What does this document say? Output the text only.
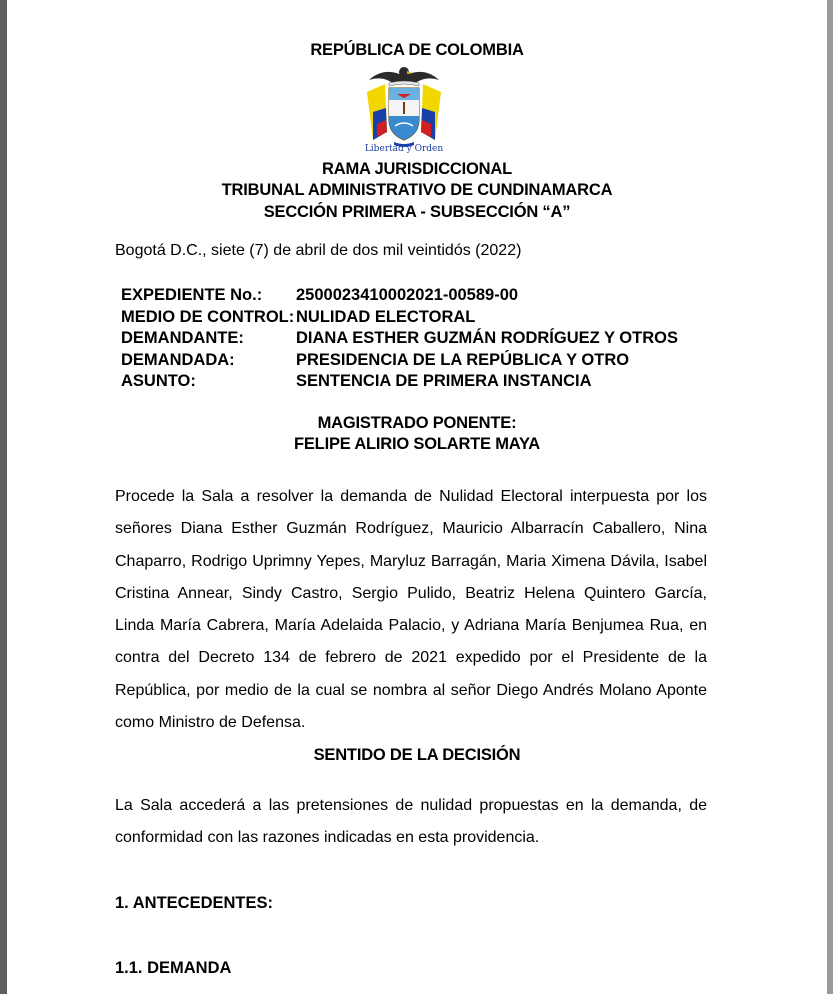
REPÚBLICA DE COLOMBIA
Libertad y Orden
RAMA JURISDICCIONAL
TRIBUNAL ADMINISTRATIVO DE CUNDINAMARCA
SECCIÓN PRIMERA - SUBSECCIÓN “A”
Bogotá D.C., siete (7) de abril de dos mil veintidós (2022)
EXPEDIENTE No.: 2500023410002021-00589-00
MEDIO DE CONTROL: NULIDAD ELECTORAL
DEMANDANTE:	DIANA ESTHER GUZMÁN RODRÍGUEZ Y OTROS
DEMANDADA:	PRESIDENCIA DE LA REPÚBLICA Y OTRO
ASUNTO:	SENTENCIA DE PRIMERA INSTANCIA
MAGISTRADO PONENTE:
FELIPE ALIRIO SOLARTE MAYA
Procede la Sala a resolver la demanda de Nulidad Electoral interpuesta por los señores Diana Esther Guzmán Rodríguez, Mauricio Albarracín Caballero, Nina Chaparro, Rodrigo Uprimny Yepes, Maryluz Barragán, Maria Ximena Dávila, Isabel Cristina Annear, Sindy Castro, Sergio Pulido, Beatriz Helena Quintero García, Linda María Cabrera, María Adelaida Palacio, y Adriana María Benjumea Rua, en contra del Decreto 134 de febrero de 2021 expedido por el Presidente de la República, por medio de la cual se nombra al señor Diego Andrés Molano Aponte como Ministro de Defensa.
SENTIDO DE LA DECISIÓN
La Sala accederá a las pretensiones de nulidad propuestas en la demanda, de conformidad con las razones indicadas en esta providencia.
1. ANTECEDENTES:
1.1. DEMANDA
